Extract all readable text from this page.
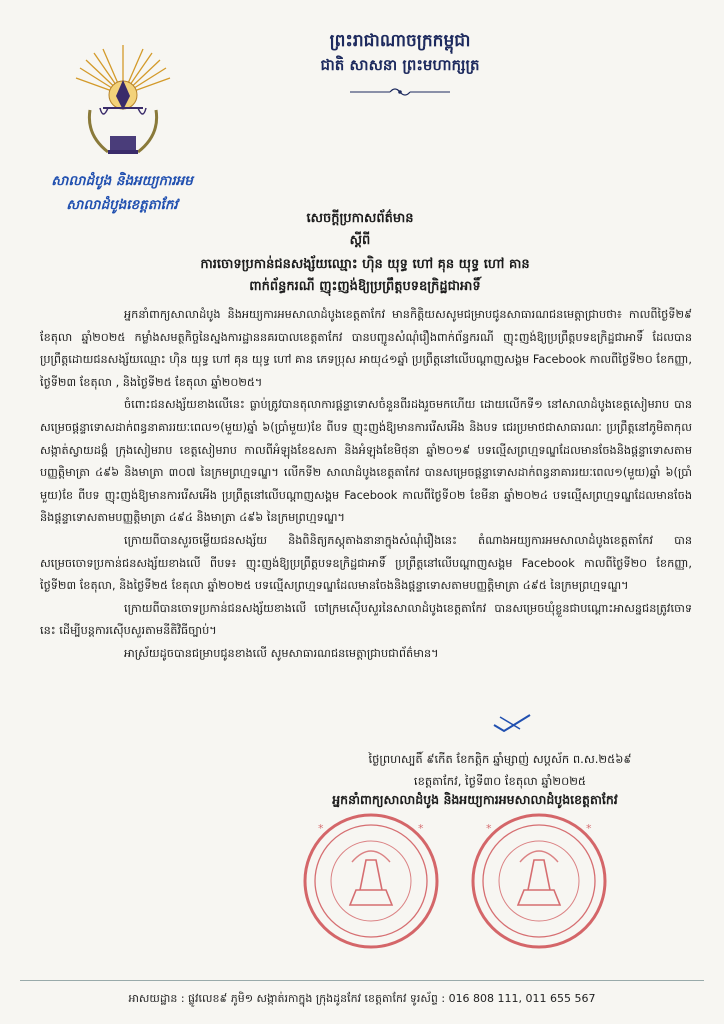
ព្រះរាជាណាចក្រកម្ពុជា
ជាតិ សាសនា ព្រះមហាក្សត្រ
សាលាដំបូង និងអយ្យការអម
សាលាដំបូងខេត្តតាកែវ
សេចក្តីប្រកាសព័ត៌មាន
ស្តីពី
ការចោទប្រកាន់ជនសង្ស័យឈ្មោះ ហ៊ិន យុទ្ធ ហៅ គុន យុទ្ធ ហៅ គាន
ពាក់ព័ន្ធករណី ញុះញង់ឱ្យប្រព្រឹត្តបទឧក្រិដ្ឋជាអាទិ៍

អ្នកនាំពាក្យសាលាដំបូង និងអយ្យការអមសាលាដំបូងខេត្តតាកែវ មានកិត្តិយសសូមជម្រាបជូនសាធារណជនមេត្តាជ្រាបថា៖ កាលពីថ្ងៃទី២៩ ខែតុលា ឆ្នាំ២០២៥ កម្លាំងសមត្ថកិច្ចនៃស្នងការដ្ឋាននគរបាលខេត្តតាកែវ បានបញ្ជូនសំណុំរឿងពាក់ព័ន្ធករណី ញុះញង់ឱ្យប្រព្រឹត្តបទឧក្រិដ្ឋជាអាទិ៍ ដែលបានប្រព្រឹត្តដោយជនសង្ស័យឈ្មោះ ហ៊ិន យុទ្ធ ហៅ គុន យុទ្ធ ហៅ គាន ភេទប្រុស អាយុ៤១ឆ្នាំ ប្រព្រឹត្តនៅលើបណ្តាញសង្គម Facebook កាលពីថ្ងៃទី២០ ខែកញ្ញា, ថ្ងៃទី២៣ ខែតុលា , និងថ្ងៃទី២៥ ខែតុលា ឆ្នាំ២០២៥។

ចំពោះជនសង្ស័យខាងលើនេះ ធ្លាប់ត្រូវបានតុលាការផ្តន្ទាទោសចំនួនពីរដងរួចមកហើយ ដោយលើកទី១ នៅសាលាដំបូងខេត្តសៀមរាប បានសម្រេចផ្តន្ទាទោសដាក់ពន្ធនាគាររយៈពេល១(មួយ)ឆ្នាំ ៦(ប្រាំមួយ)ខែ ពីបទ ញុះញង់ឱ្យមានការរើសអើង និងបទ ជេរប្រមាថជាសាធារណៈ ប្រព្រឹត្តនៅភូមិតាកុល សង្កាត់ស្វាយដង្គំ ក្រុងសៀមរាប ខេត្តសៀមរាប កាលពីអំឡុងខែឧសភា និងអំឡុងខែមិថុនា ឆ្នាំ២០១៩ បទល្មើសព្រហ្មទណ្ឌដែលមានចែងនិងផ្តន្ទាទោសតាមបញ្ញត្តិមាត្រា ៤៩៦ និងមាត្រា ៣០៧ នៃក្រមព្រហ្មទណ្ឌ។ លើកទី២ សាលាដំបូងខេត្តតាកែវ បានសម្រេចផ្តន្ទាទោសដាក់ពន្ធនាគាររយៈពេល១(មួយ)ឆ្នាំ ៦(ប្រាំមួយ)ខែ ពីបទ ញុះញង់ឱ្យមានការរើសអើង ប្រព្រឹត្តនៅលើបណ្តាញសង្គម Facebook កាលពីថ្ងៃទី០២ ខែមីនា ឆ្នាំ២០២៤ បទល្មើសព្រហ្មទណ្ឌដែលមានចែងនិងផ្តន្ទាទោសតាមបញ្ញត្តិមាត្រា ៤៩៤ និងមាត្រា ៤៩៦ នៃក្រមព្រហ្មទណ្ឌ។

ក្រោយពីបានសួរចម្លើយជនសង្ស័យ និងពិនិត្យភស្តុតាងនានាក្នុងសំណុំរឿងនេះ តំណាងអយ្យការអមសាលាដំបូងខេត្តតាកែវ បានសម្រេចចោទប្រកាន់ជនសង្ស័យខាងលើ ពីបទ៖ ញុះញង់ឱ្យប្រព្រឹត្តបទឧក្រិដ្ឋជាអាទិ៍ ប្រព្រឹត្តនៅលើបណ្តាញសង្គម Facebook កាលពីថ្ងៃទី២០ ខែកញ្ញា, ថ្ងៃទី២៣ ខែតុលា, និងថ្ងៃទី២៥ ខែតុលា ឆ្នាំ២០២៥ បទល្មើសព្រហ្មទណ្ឌដែលមានចែងនិងផ្តន្ទាទោសតាមបញ្ញត្តិមាត្រា ៤៩៥ នៃក្រមព្រហ្មទណ្ឌ។

ក្រោយពីបានចោទប្រកាន់ជនសង្ស័យខាងលើ ចៅក្រមស៊ើបសួរនៃសាលាដំបូងខេត្តតាកែវ បានសម្រេចឃុំខ្លួនជាបណ្តោះអាសន្នជនត្រូវចោទនេះ ដើម្បីបន្តការស៊ើបសួរតាមនីតិវិធីច្បាប់។

អាស្រ័យដូចបានជម្រាបជូនខាងលើ សូមសាធារណជនមេត្តាជ្រាបជាព័ត៌មាន។

ថ្ងៃព្រហស្បតិ៍ ៩កើត ខែកត្តិក ឆ្នាំម្សាញ់ សប្តស័ក ព.ស.២៥៦៩
ខេត្តតាកែវ, ថ្ងៃទី៣០ ខែតុលា ឆ្នាំ២០២៥
អ្នកនាំពាក្យសាលាដំបូង និងអយ្យការអមសាលាដំបូងខេត្តតាកែវ
*	*	*	*
អាសយដ្ឋាន : ផ្លូវលេខ៩ ភូមិ១ សង្កាត់រកាក្នុង ក្រុងដូនកែវ ខេត្តតាកែវ ទូរស័ព្ទ : 016 808 111, 011 655 567
